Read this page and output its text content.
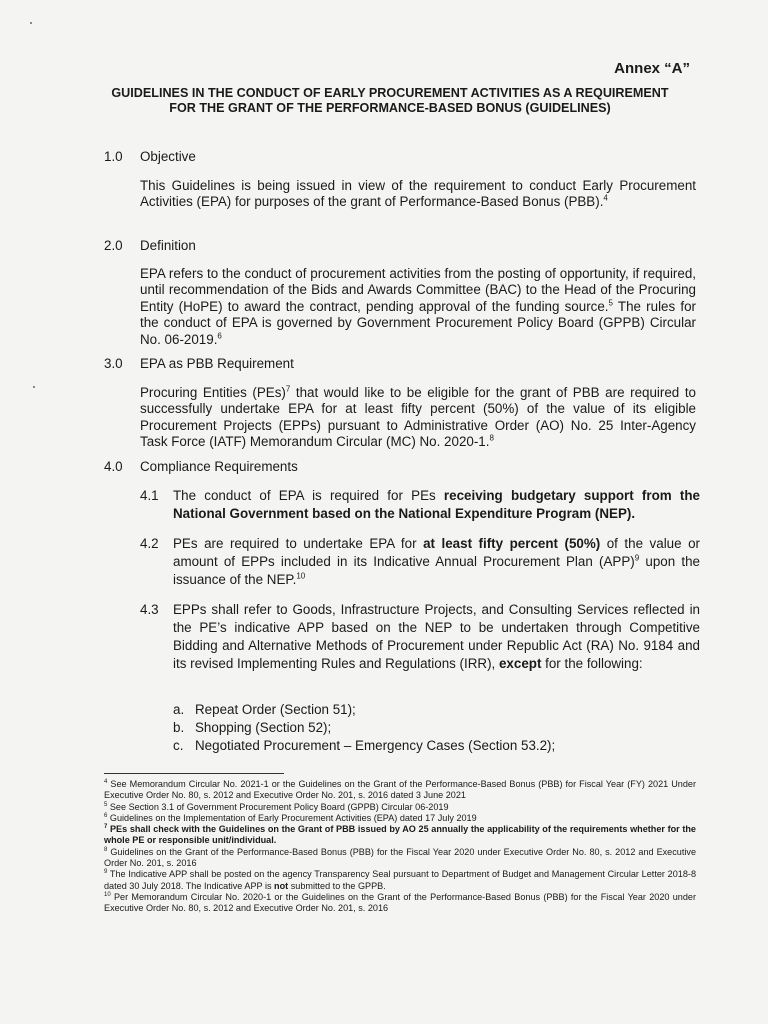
Annex “A”
GUIDELINES IN THE CONDUCT OF EARLY PROCUREMENT ACTIVITIES AS A REQUIREMENT FOR THE GRANT OF THE PERFORMANCE-BASED BONUS (GUIDELINES)
1.0 Objective
This Guidelines is being issued in view of the requirement to conduct Early Procurement Activities (EPA) for purposes of the grant of Performance-Based Bonus (PBB).$^4$
2.0 Definition
EPA refers to the conduct of procurement activities from the posting of opportunity, if required, until recommendation of the Bids and Awards Committee (BAC) to the Head of the Procuring Entity (HoPE) to award the contract, pending approval of the funding source.$^5$ The rules for the conduct of EPA is governed by Government Procurement Policy Board (GPPB) Circular No. 06-2019.$^6$
3.0 EPA as PBB Requirement
Procuring Entities (PEs)$^7$ that would like to be eligible for the grant of PBB are required to successfully undertake EPA for at least fifty percent (50%) of the value of its eligible Procurement Projects (EPPs) pursuant to Administrative Order (AO) No. 25 Inter-Agency Task Force (IATF) Memorandum Circular (MC) No. 2020-1.$^8$
4.0 Compliance Requirements
4.1 The conduct of EPA is required for PEs receiving budgetary support from the National Government based on the National Expenditure Program (NEP).
4.2 PEs are required to undertake EPA for at least fifty percent (50%) of the value or amount of EPPs included in its Indicative Annual Procurement Plan (APP)$^9$ upon the issuance of the NEP.$^{10}$
4.3 EPPs shall refer to Goods, Infrastructure Projects, and Consulting Services reflected in the PE’s indicative APP based on the NEP to be undertaken through Competitive Bidding and Alternative Methods of Procurement under Republic Act (RA) No. 9184 and its revised Implementing Rules and Regulations (IRR), except for the following:
a. Repeat Order (Section 51);
b. Shopping (Section 52);
c. Negotiated Procurement – Emergency Cases (Section 53.2);

$^4$ See Memorandum Circular No. 2021-1 or the Guidelines on the Grant of the Performance-Based Bonus (PBB) for Fiscal Year (FY) 2021 Under Executive Order No. 80, s. 2012 and Executive Order No. 201, s. 2016 dated 3 June 2021

$^5$ See Section 3.1 of Government Procurement Policy Board (GPPB) Circular 06-2019

$^6$ Guidelines on the Implementation of Early Procurement Activities (EPA) dated 17 July 2019

$^7$ PEs shall check with the Guidelines on the Grant of PBB issued by AO 25 annually the applicability of the requirements whether for the whole PE or responsible unit/individual.

$^8$ Guidelines on the Grant of the Performance-Based Bonus (PBB) for the Fiscal Year 2020 under Executive Order No. 80, s. 2012 and Executive Order No. 201, s. 2016

$^9$ The Indicative APP shall be posted on the agency Transparency Seal pursuant to Department of Budget and Management Circular Letter 2018-8 dated 30 July 2018. The Indicative APP is not submitted to the GPPB.

$^{10}$ Per Memorandum Circular No. 2020-1 or the Guidelines on the Grant of the Performance-Based Bonus (PBB) for the Fiscal Year 2020 under Executive Order No. 80, s. 2012 and Executive Order No. 201, s. 2016
